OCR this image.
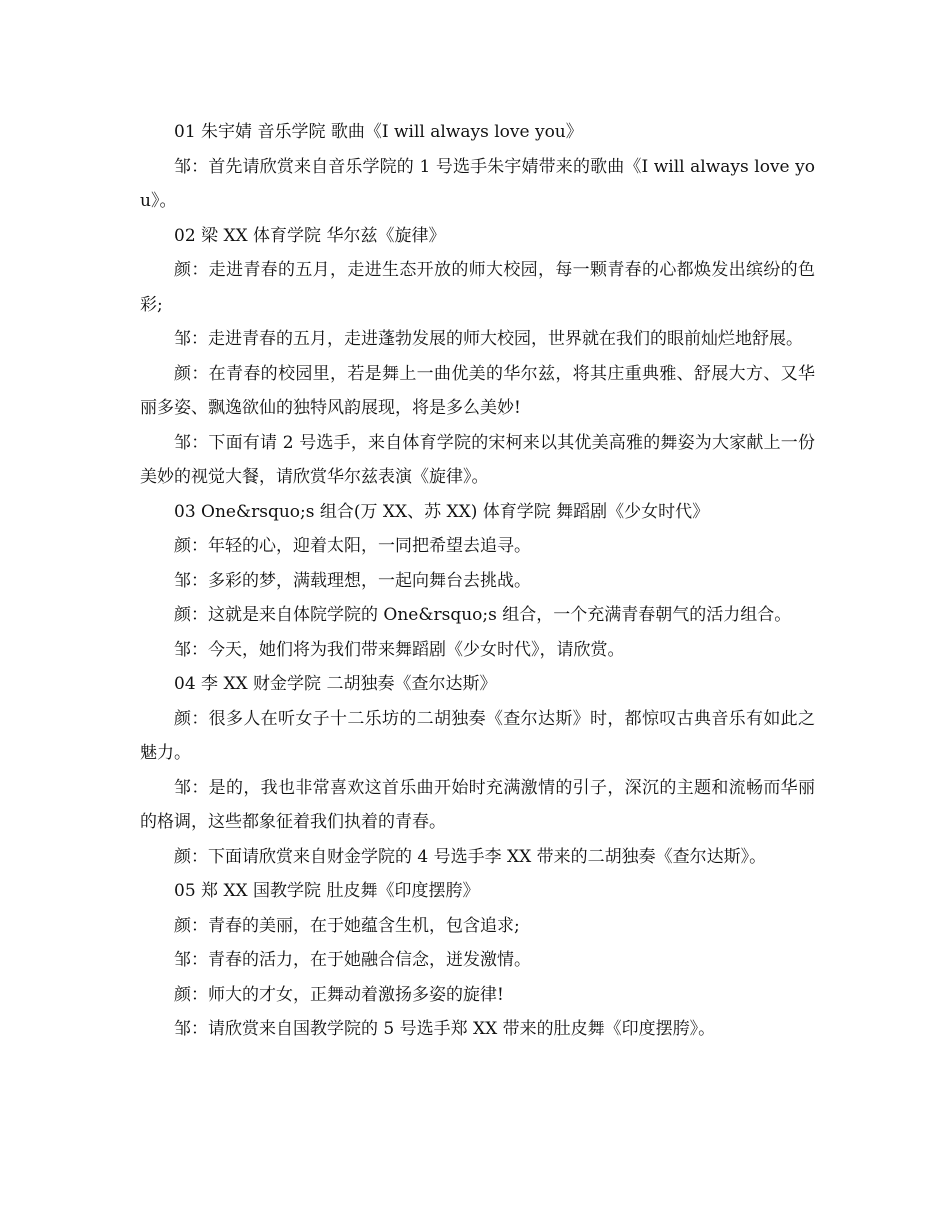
01 朱宇婧 音乐学院 歌曲《I will always love you》

邹：首先请欣赏来自音乐学院的 1 号选手朱宇婧带来的歌曲《I will always love you》。

02 梁 XX 体育学院 华尔兹《旋律》

颜：走进青春的五月，走进生态开放的师大校园，每一颗青春的心都焕发出缤纷的色彩;

邹：走进青春的五月，走进蓬勃发展的师大校园，世界就在我们的眼前灿烂地舒展。

颜：在青春的校园里，若是舞上一曲优美的华尔兹，将其庄重典雅、舒展大方、又华丽多姿、飘逸欲仙的独特风韵展现，将是多么美妙!

邹：下面有请 2 号选手，来自体育学院的宋柯来以其优美高雅的舞姿为大家献上一份美妙的视觉大餐，请欣赏华尔兹表演《旋律》。

03 One&rsquo;s 组合(万 XX、苏 XX) 体育学院 舞蹈剧《少女时代》

颜：年轻的心，迎着太阳，一同把希望去追寻。

邹：多彩的梦，满载理想，一起向舞台去挑战。

颜：这就是来自体院学院的 One&rsquo;s 组合，一个充满青春朝气的活力组合。

邹：今天，她们将为我们带来舞蹈剧《少女时代》，请欣赏。

04 李 XX 财金学院 二胡独奏《查尔达斯》

颜：很多人在听女子十二乐坊的二胡独奏《查尔达斯》时，都惊叹古典音乐有如此之魅力。

邹：是的，我也非常喜欢这首乐曲开始时充满激情的引子，深沉的主题和流畅而华丽的格调，这些都象征着我们执着的青春。

颜：下面请欣赏来自财金学院的 4 号选手李 XX 带来的二胡独奏《查尔达斯》。

05 郑 XX 国教学院 肚皮舞《印度摆胯》

颜：青春的美丽，在于她蕴含生机，包含追求;

邹：青春的活力，在于她融合信念，迸发激情。

颜：师大的才女，正舞动着激扬多姿的旋律!

邹：请欣赏来自国教学院的 5 号选手郑 XX 带来的肚皮舞《印度摆胯》。
